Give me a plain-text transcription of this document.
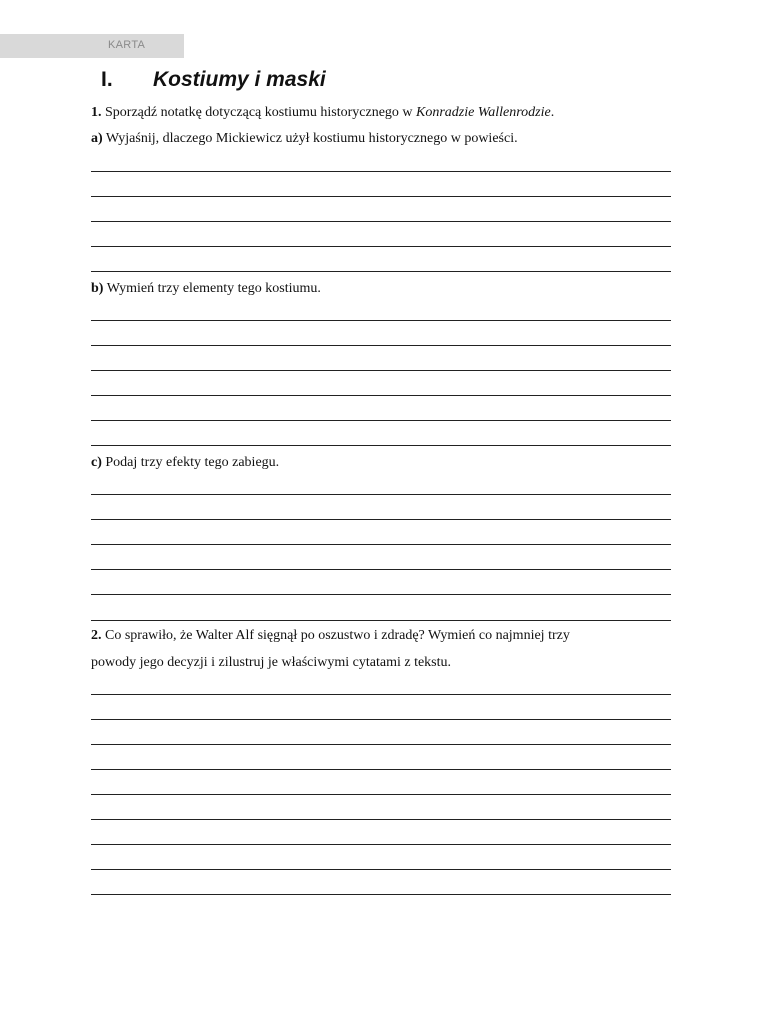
KARTA
I. Kostiumy i maski
1. Sporządź notatkę dotyczącą kostiumu historycznego w Konradzie Wallenrodzie.
a) Wyjaśnij, dlaczego Mickiewicz użył kostiumu historycznego w powieści.
b) Wymień trzy elementy tego kostiumu.
c) Podaj trzy efekty tego zabiegu.
2. Co sprawiło, że Walter Alf sięgnął po oszustwo i zdradę? Wymień co najmniej trzy
powody jego decyzji i zilustruj je właściwymi cytatami z tekstu.
